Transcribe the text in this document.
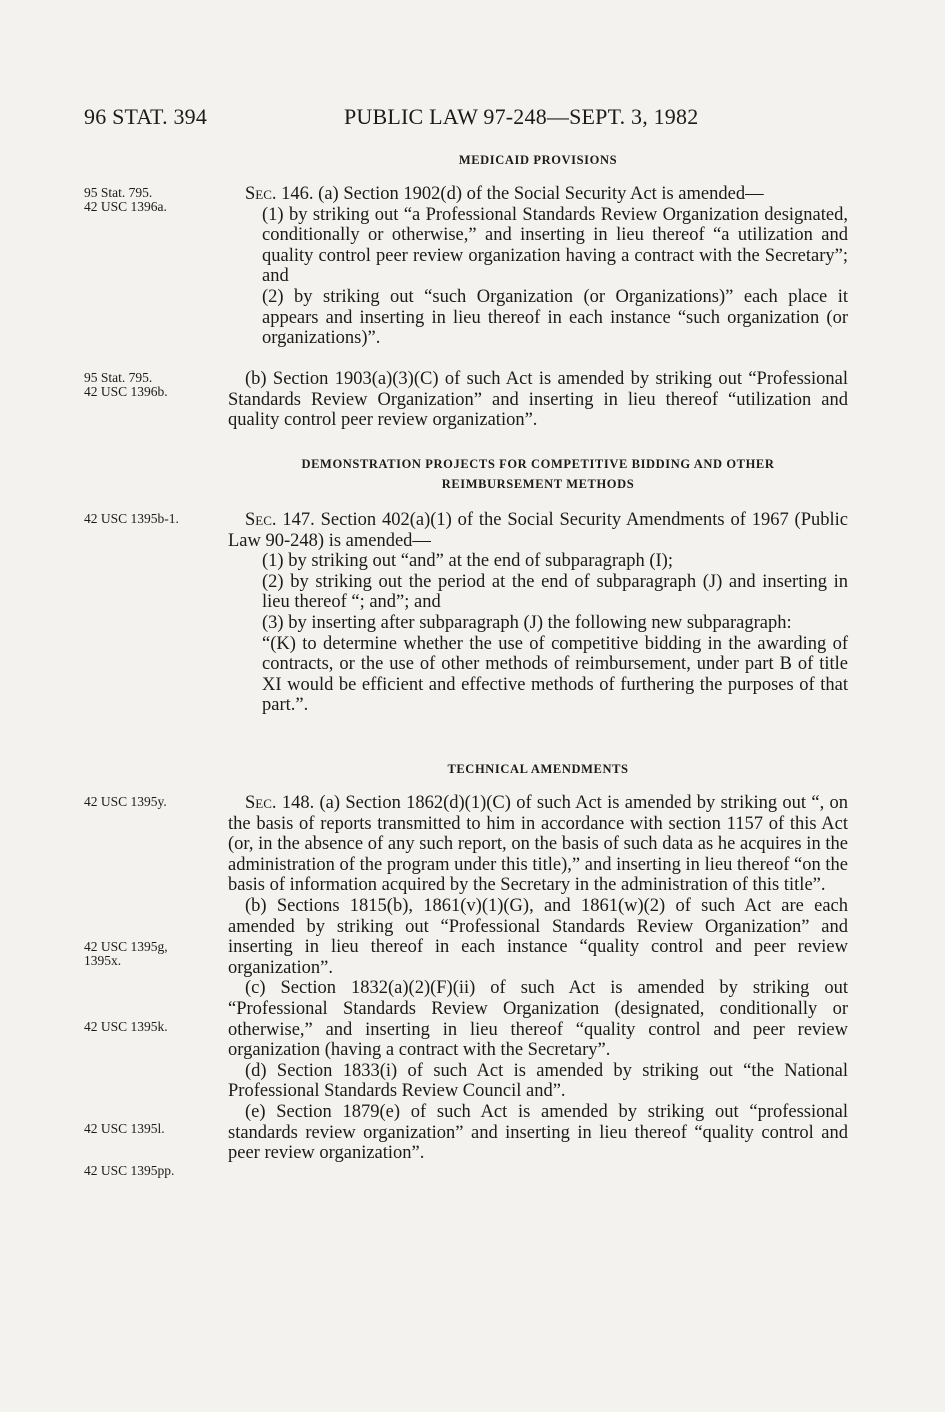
96 STAT. 394	PUBLIC LAW 97-248—SEPT. 3, 1982
MEDICAID PROVISIONS
95 Stat. 795.
42 USC 1396a.

Sec. 146. (a) Section 1902(d) of the Social Security Act is amended—

(1) by striking out “a Professional Standards Review Organization designated, conditionally or otherwise,” and inserting in lieu thereof “a utilization and quality control peer review organization having a contract with the Secretary”; and

(2) by striking out “such Organization (or Organizations)” each place it appears and inserting in lieu thereof in each instance “such organization (or organizations)”.

95 Stat. 795.
42 USC 1396b.

(b) Section 1903(a)(3)(C) of such Act is amended by striking out “Professional Standards Review Organization” and inserting in lieu thereof “utilization and quality control peer review organization”.

DEMONSTRATION PROJECTS FOR COMPETITIVE BIDDING AND OTHER
REIMBURSEMENT METHODS
42 USC 1395b-1.	Sec. 147. Section 402(a)(1) of the Social Security Amendments of 1967 (Public Law 90-248) is amended—

(1) by striking out “and” at the end of subparagraph (I);

(2) by striking out the period at the end of subparagraph (J) and inserting in lieu thereof “; and”; and

(3) by inserting after subparagraph (J) the following new subparagraph:

“(K) to determine whether the use of competitive bidding in the awarding of contracts, or the use of other methods of reimbursement, under part B of title XI would be efficient and effective methods of furthering the purposes of that part.”.

TECHNICAL AMENDMENTS
42 USC 1395y.
42 USC 1395g,
1395x.
42 USC 1395k.
42 USC 1395l.
42 USC 1395pp.

Sec. 148. (a) Section 1862(d)(1)(C) of such Act is amended by striking out “, on the basis of reports transmitted to him in accordance with section 1157 of this Act (or, in the absence of any such report, on the basis of such data as he acquires in the administration of the program under this title),” and inserting in lieu thereof “on the basis of information acquired by the Secretary in the administration of this title”.

(b) Sections 1815(b), 1861(v)(1)(G), and 1861(w)(2) of such Act are each amended by striking out “Professional Standards Review Organization” and inserting in lieu thereof in each instance “quality control and peer review organization”.

(c) Section 1832(a)(2)(F)(ii) of such Act is amended by striking out “Professional Standards Review Organization (designated, conditionally or otherwise,” and inserting in lieu thereof “quality control and peer review organization (having a contract with the Secretary”.

(d) Section 1833(i) of such Act is amended by striking out “the National Professional Standards Review Council and”.

(e) Section 1879(e) of such Act is amended by striking out “professional standards review organization” and inserting in lieu thereof “quality control and peer review organization”.
